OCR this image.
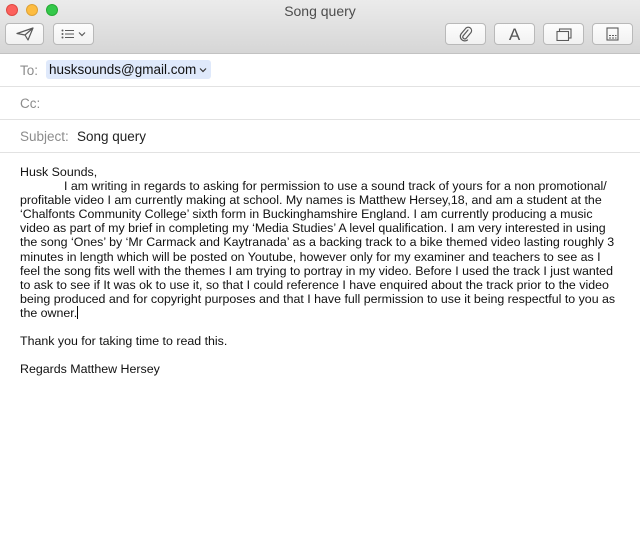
Song query
A
To: husksounds@gmail.com
Cc:
Subject: Song query

Husk Sounds,

I am writing in regards to asking for permission to use a sound track of yours for a non promotional/ profitable video I am currently making at school. My names is Matthew Hersey,18, and am a student at the ‘Chalfonts Community College’ sixth form in Buckinghamshire England. I am currently producing a music video as part of my brief in completing my ‘Media Studies’ A level qualification. I am very interested in using the song ‘Ones’ by ‘Mr Carmack and Kaytranada’ as a backing track to a bike themed video lasting roughly 3 minutes in length which will be posted on Youtube, however only for my examiner and teachers to see as I feel the song fits well with the themes I am trying to portray in my video. Before I used the track I just wanted to ask to see if It was ok to use it, so that I could reference I have enquired about the track prior to the video being produced and for copyright purposes and that I have full permission to use it being respectful to you as the owner.

Thank you for taking time to read this.

Regards Matthew Hersey
